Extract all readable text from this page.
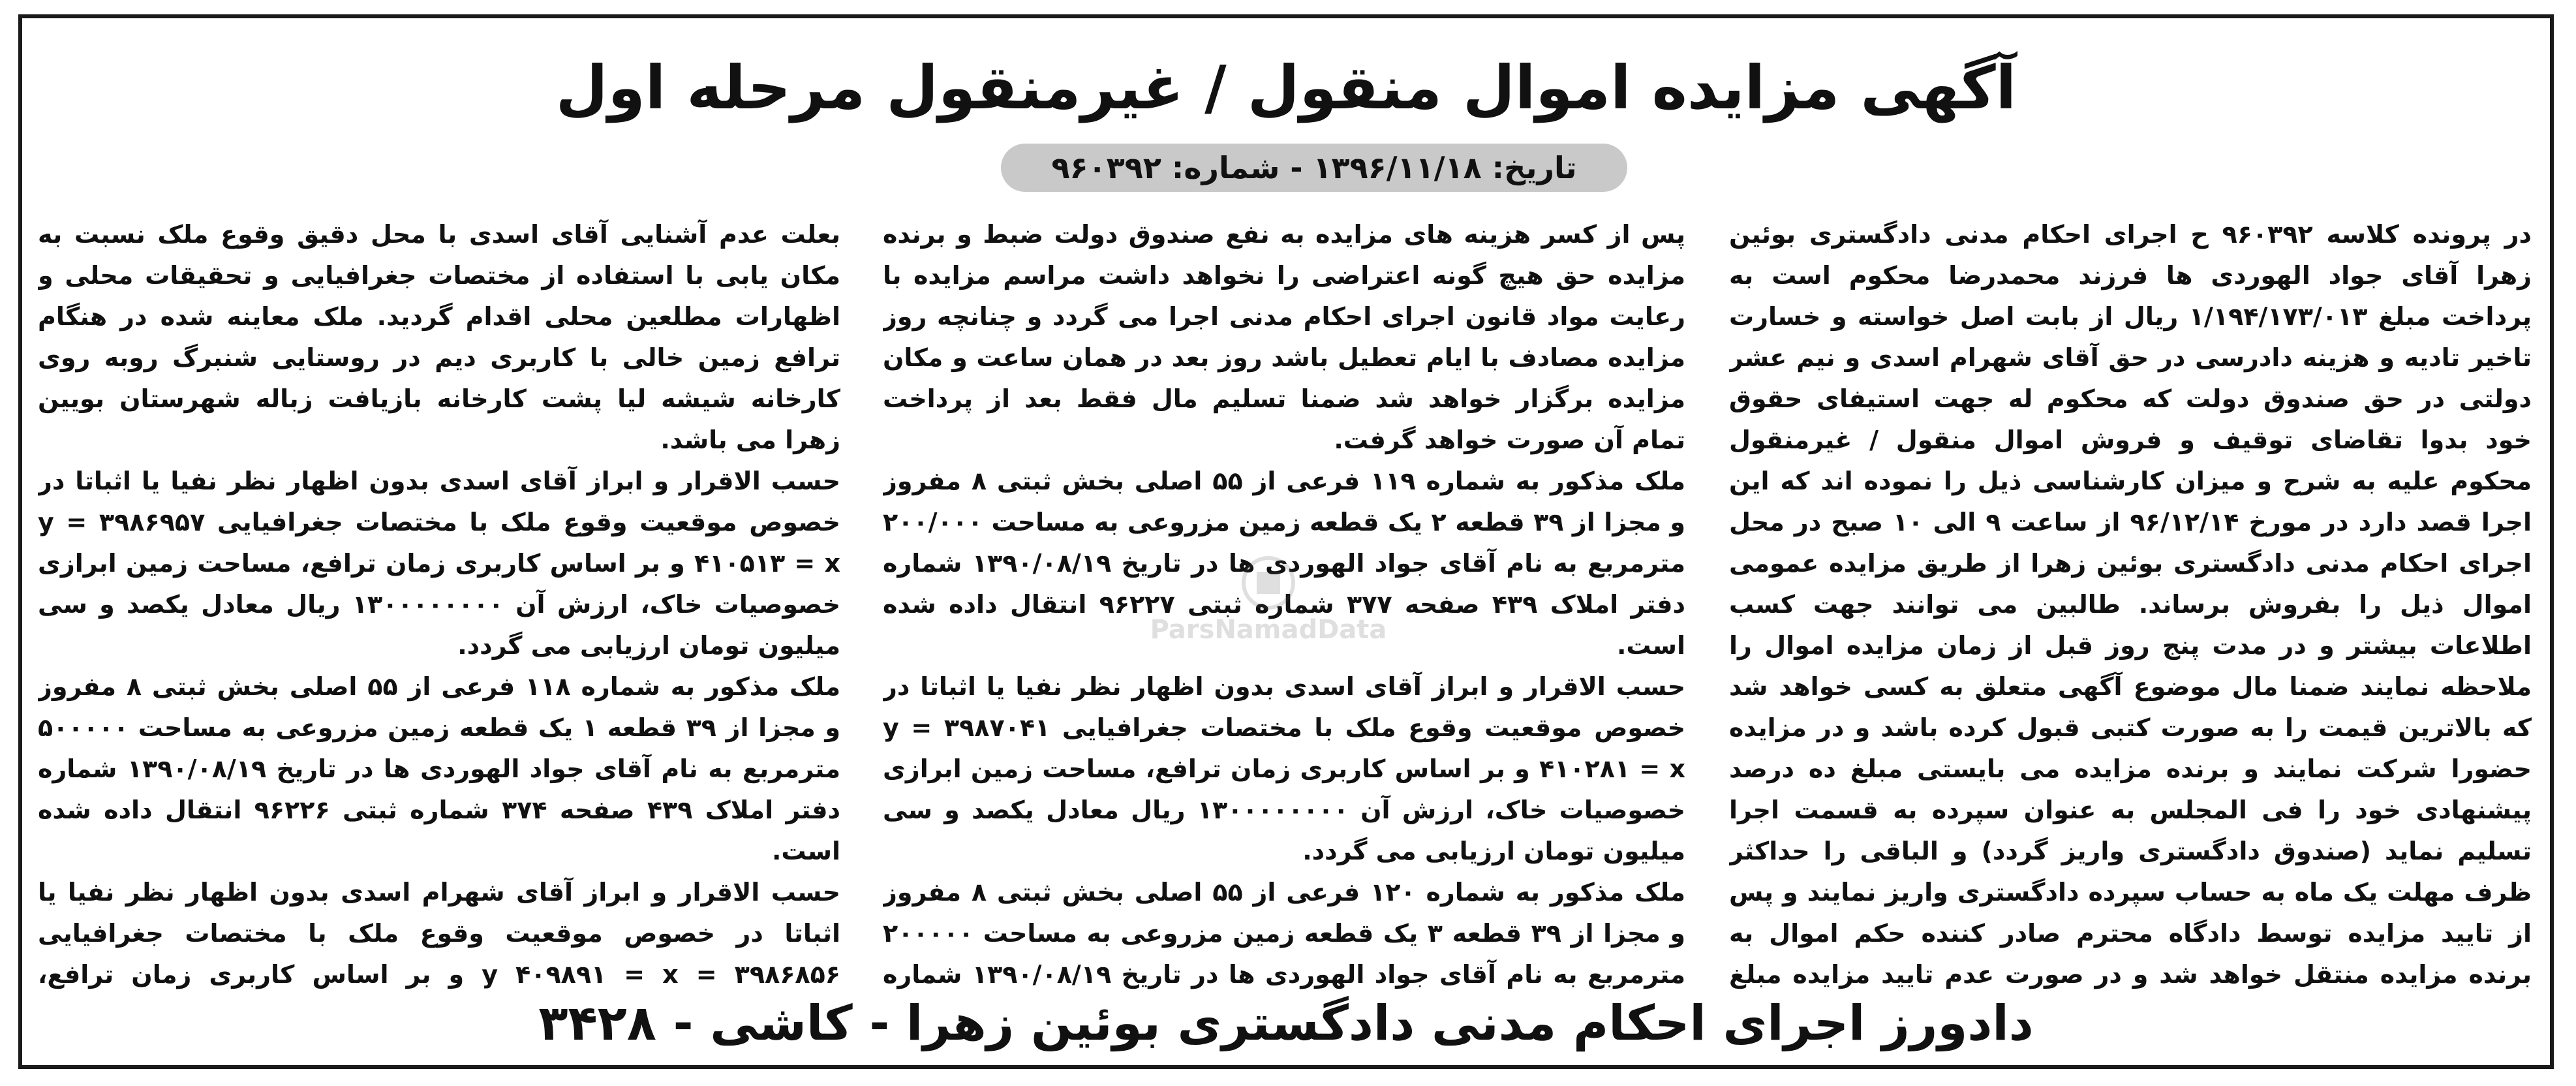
آگهی مزایده اموال منقول / غیرمنقول مرحله اول
تاریخ: ۱۳۹۶/۱۱/۱۸ - شماره: ۹۶۰۳۹۲

در پرونده کلاسه ۹۶۰۳۹۲ ح اجرای احکام مدنی دادگستری بوئین زهرا آقای جواد الهوردی ها فرزند محمدرضا محکوم است به پرداخت مبلغ ۱/۱۹۴/۱۷۳/۰۱۳ ریال از بابت اصل خواسته و خسارت تاخیر تادیه و هزینه دادرسی در حق آقای شهرام اسدی و نیم عشر دولتی در حق صندوق دولت که محکوم له جهت استیفای حقوق خود بدوا تقاضای توقیف و فروش اموال منقول / غیرمنقول محکوم علیه به شرح و میزان کارشناسی ذیل را نموده اند که این اجرا قصد دارد در مورخ ۹۶/۱۲/۱۴ از ساعت ۹ الی ۱۰ صبح در محل اجرای احکام مدنی دادگستری بوئین زهرا از طریق مزایده عمومی اموال ذیل را بفروش برساند. طالبین می توانند جهت کسب اطلاعات بیشتر و در مدت پنج روز قبل از زمان مزایده اموال را ملاحظه نمایند ضمنا مال موضوع آگهی متعلق به کسی خواهد شد که بالاترین قیمت را به صورت کتبی قبول کرده باشد و در مزایده حضورا شرکت نمایند و برنده مزایده می بایستی مبلغ ده درصد پیشنهادی خود را فی المجلس به عنوان سپرده به قسمت اجرا تسلیم نماید (صندوق دادگستری واریز گردد) و الباقی را حداکثر ظرف مهلت یک ماه به حساب سپرده دادگستری واریز نمایند و پس از تایید مزایده توسط دادگاه محترم صادر کننده حکم اموال به برنده مزایده منتقل خواهد شد و در صورت عدم تایید مزایده مبلغ

پس از کسر هزینه های مزایده به نفع صندوق دولت ضبط و برنده مزایده حق هیچ گونه اعتراضی را نخواهد داشت مراسم مزایده با رعایت مواد قانون اجرای احکام مدنی اجرا می گردد و چنانچه روز مزایده مصادف با ایام تعطیل باشد روز بعد در همان ساعت و مکان مزایده برگزار خواهد شد ضمنا تسلیم مال فقط بعد از پرداخت تمام آن صورت خواهد گرفت.

ملک مذکور به شماره ۱۱۹ فرعی از ۵۵ اصلی بخش ثبتی ۸ مفروز و مجزا از ۳۹ قطعه ۲ یک قطعه زمین مزروعی به مساحت ۲۰۰/۰۰۰ مترمربع به نام آقای جواد الهوردی ها در تاریخ ۱۳۹۰/۰۸/۱۹ شماره دفتر املاک ۴۳۹ صفحه ۳۷۷ شماره ثبتی ۹۶۲۲۷ انتقال داده شده است.

حسب الاقرار و ابراز آقای اسدی بدون اظهار نظر نفیا یا اثباتا در خصوص موقعیت وقوع ملک با مختصات جغرافیایی ۳۹۸۷۰۴۱ = y ۴۱۰۲۸۱ = x و بر اساس کاربری زمان ترافع، مساحت زمین ابرازی خصوصیات خاک، ارزش آن ۱۳۰۰۰۰۰۰۰۰ ریال معادل یکصد و سی میلیون تومان ارزیابی می گردد.

ملک مذکور به شماره ۱۲۰ فرعی از ۵۵ اصلی بخش ثبتی ۸ مفروز و مجزا از ۳۹ قطعه ۳ یک قطعه زمین مزروعی به مساحت ۲۰۰۰۰۰ مترمربع به نام آقای جواد الهوردی ها در تاریخ ۱۳۹۰/۰۸/۱۹ شماره

بعلت عدم آشنایی آقای اسدی با محل دقیق وقوع ملک نسبت به مکان یابی با استفاده از مختصات جغرافیایی و تحقیقات محلی و اظهارات مطلعین محلی اقدام گردید. ملک معاینه شده در هنگام ترافع زمین خالی با کاربری دیم در روستایی شنبرگ روبه روی کارخانه شیشه لیا پشت کارخانه بازیافت زباله شهرستان بویین زهرا می باشد.

حسب الاقرار و ابراز آقای اسدی بدون اظهار نظر نفیا یا اثباتا در خصوص موقعیت وقوع ملک با مختصات جغرافیایی ۳۹۸۶۹۵۷ = y ۴۱۰۵۱۳ = x و بر اساس کاربری زمان ترافع، مساحت زمین ابرازی خصوصیات خاک، ارزش آن ۱۳۰۰۰۰۰۰۰۰ ریال معادل یکصد و سی میلیون تومان ارزیابی می گردد.

ملک مذکور به شماره ۱۱۸ فرعی از ۵۵ اصلی بخش ثبتی ۸ مفروز و مجزا از ۳۹ قطعه ۱ یک قطعه زمین مزروعی به مساحت ۵۰۰۰۰۰ مترمربع به نام آقای جواد الهوردی ها در تاریخ ۱۳۹۰/۰۸/۱۹ شماره دفتر املاک ۴۳۹ صفحه ۳۷۴ شماره ثبتی ۹۶۲۲۶ انتقال داده شده است.

حسب الاقرار و ابراز آقای شهرام اسدی بدون اظهار نظر نفیا یا اثباتا در خصوص موقعیت وقوع ملک با مختصات جغرافیایی ۳۹۸۶۸۵۶ = y ۴۰۹۸۹۱ = x و بر اساس کاربری زمان ترافع،

ParsNamadData
دادورز اجرای احکام مدنی دادگستری بوئین زهرا - کاشی - ۳۴۲۸
